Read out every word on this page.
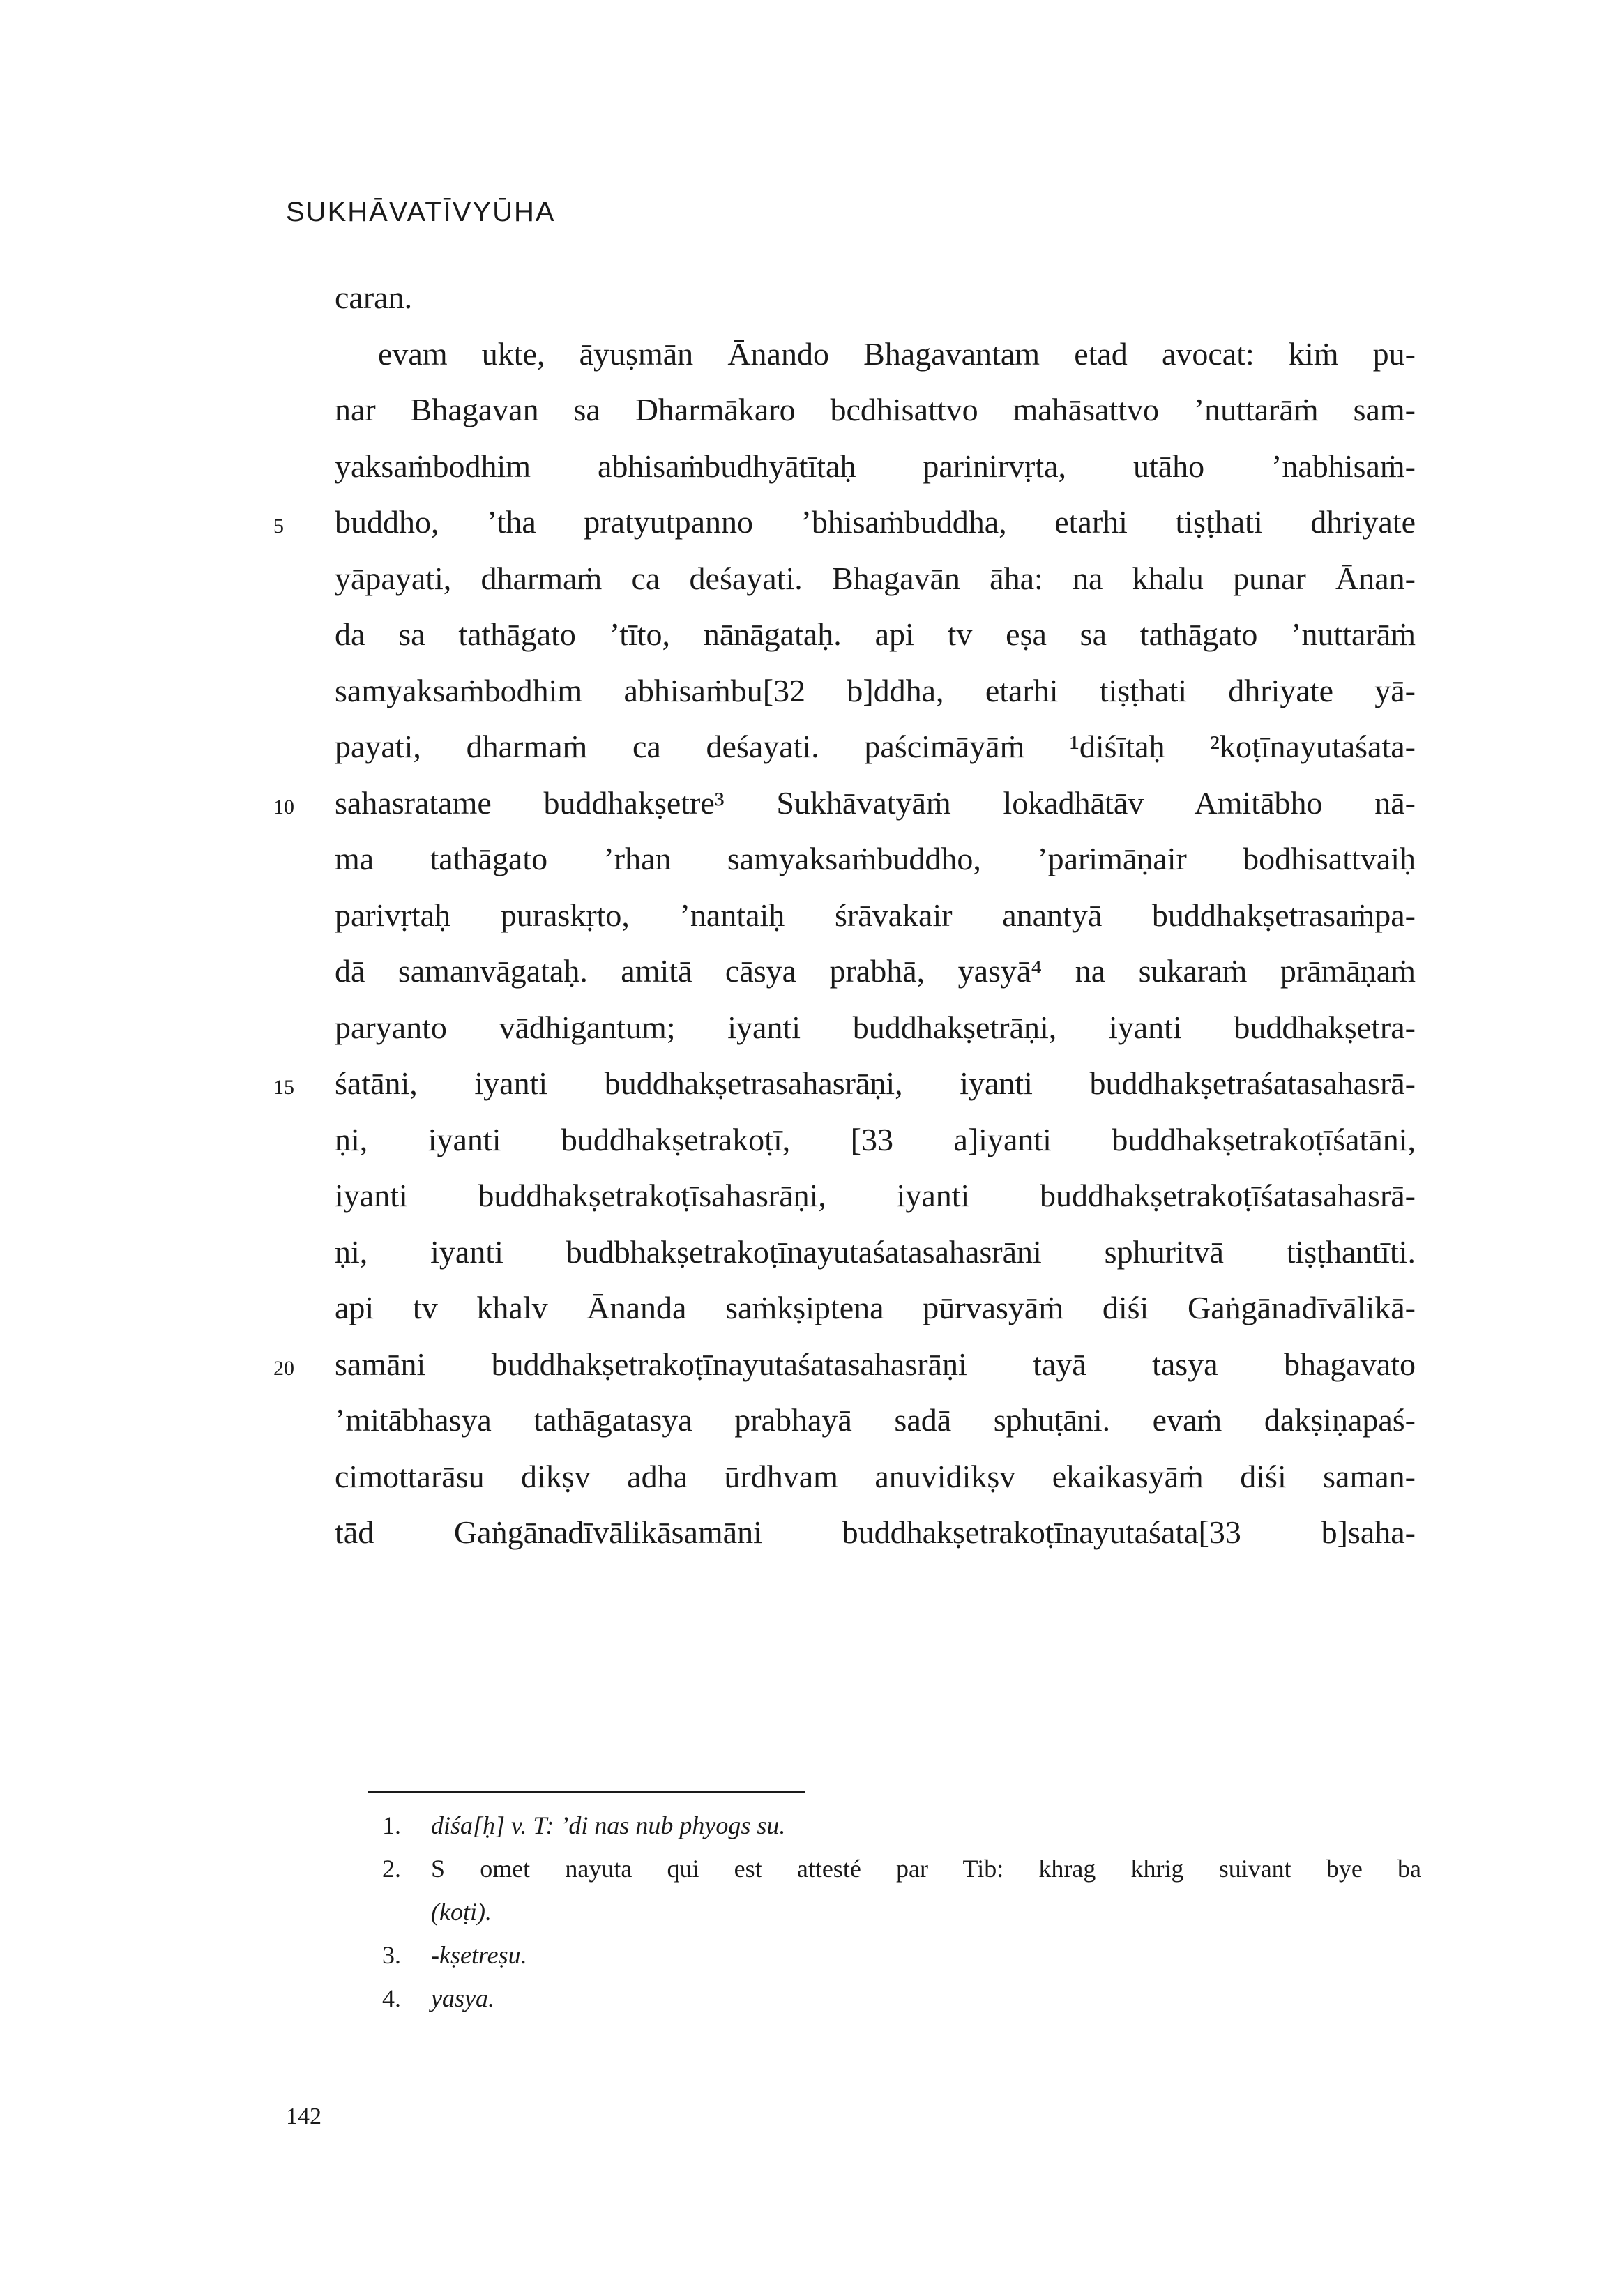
SUKHĀVATĪVYŪHA
caran.
evam ukte, āyuṣmān Ānando Bhagavantam etad avocat: kiṁ pu-
nar Bhagavan sa Dharmākaro bcdhisattvo mahāsattvo ’nuttarāṁ sam-
yaksaṁbodhim abhisaṁbudhyātītaḥ parinirvṛta, utāho ’nabhisaṁ-
buddho, ’tha pratyutpanno ’bhisaṁbuddha, etarhi tiṣṭhati dhriyate
5
yāpayati, dharmaṁ ca deśayati. Bhagavān āha: na khalu punar Ānan-
da sa tathāgato ’tīto, nānāgataḥ. api tv eṣa sa tathāgato ’nuttarāṁ
samyaksaṁbodhim abhisaṁbu[32 b]ddha, etarhi tiṣṭhati dhriyate yā-
payati, dharmaṁ ca deśayati. paścimāyāṁ ¹diśītaḥ ²koṭīnayutaśata-
sahasratame buddhakṣetre³ Sukhāvatyāṁ lokadhātāv Amitābho nā-
10
ma tathāgato ’rhan samyaksaṁbuddho, ’parimāṇair bodhisattvaiḥ
parivṛtaḥ puraskṛto, ’nantaiḥ śrāvakair anantyā buddhakṣetrasaṁpa-
dā samanvāgataḥ. amitā cāsya prabhā, yasyā⁴ na sukaraṁ prāmāṇaṁ
paryanto vādhigantum; iyanti buddhakṣetrāṇi, iyanti buddhakṣetra-
śatāni, iyanti buddhakṣetrasahasrāṇi, iyanti buddhakṣetraśatasahasrā-
15
ṇi, iyanti buddhakṣetrakoṭī, [33 a]iyanti buddhakṣetrakoṭīśatāni,
iyanti buddhakṣetrakoṭīsahasrāṇi, iyanti buddhakṣetrakoṭīśatasahasrā-
ṇi, iyanti budbhakṣetrakoṭīnayutaśatasahasrāni sphuritvā tiṣṭhantīti.
api tv khalv Ānanda saṁkṣiptena pūrvasyāṁ diśi Gaṅgānadīvālikā-
samāni buddhakṣetrakoṭīnayutaśatasahasrāṇi tayā tasya bhagavato
20
’mitābhasya tathāgatasya prabhayā sadā sphuṭāni. evaṁ dakṣiṇapaś-
cimottarāsu dikṣv adha ūrdhvam anuvidikṣv ekaikasyāṁ diśi saman-
tād Gaṅgānadīvālikāsamāni buddhakṣetrakoṭīnayutaśata[33 b]saha-
1.	diśa[ḥ] v. T: ’di nas nub phyogs su.
2.	S omet nayuta qui est attesté par Tib: khrag khrig suivant bye ba
(koṭi).
3.	-kṣetreṣu.
4.	yasya.
142
